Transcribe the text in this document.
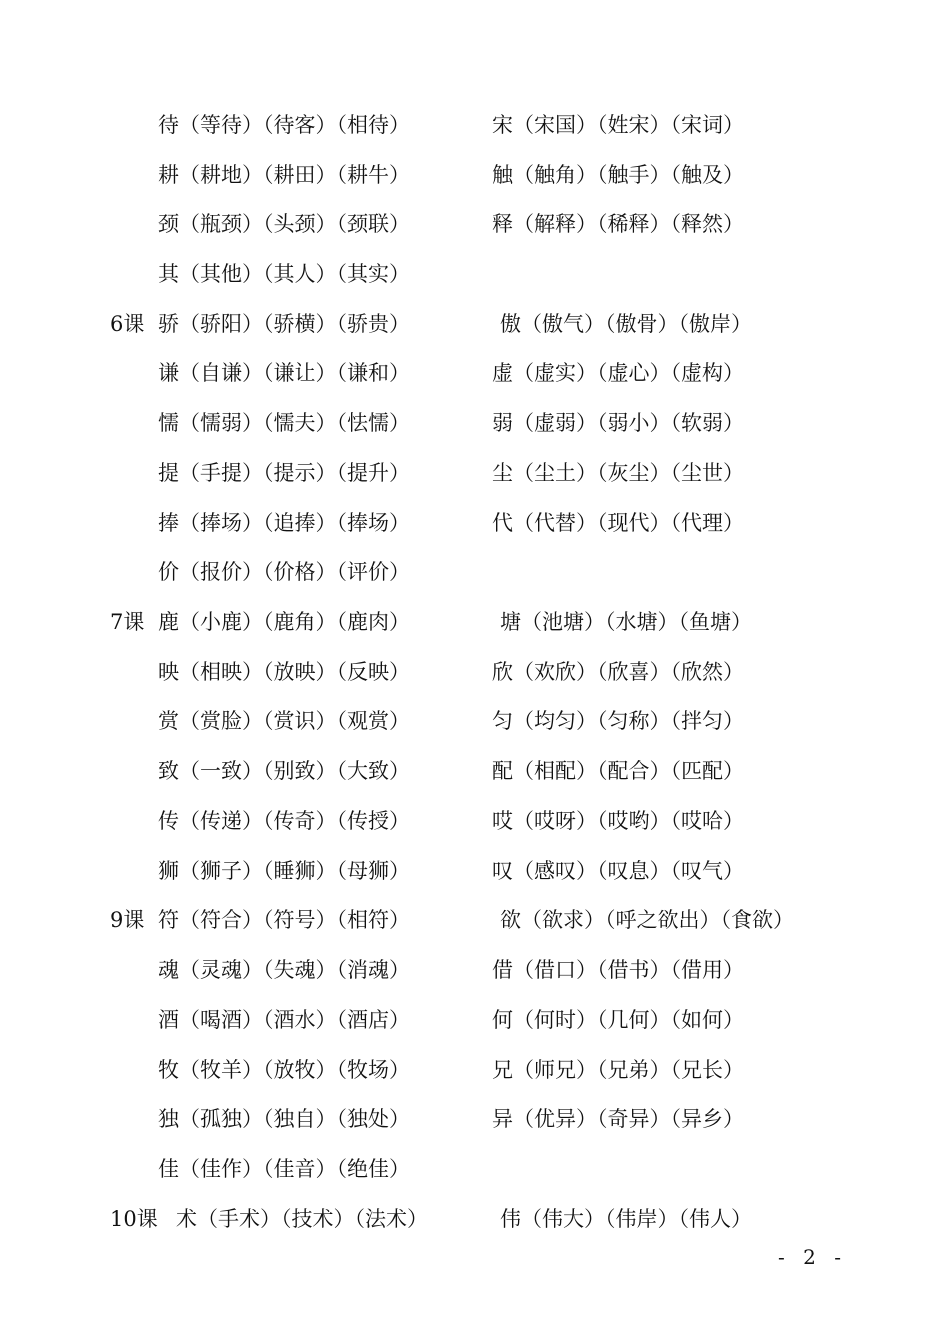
待（等待）（待客）（相待）	宋（宋国）（姓宋）（宋词）
耕（耕地）（耕田）（耕牛）	触（触角）（触手）（触及）
颈（瓶颈）（头颈）（颈联）	释（解释）（稀释）（释然）
其（其他）（其人）（其实）
6课 骄（骄阳）（骄横）（骄贵）	傲（傲气）（傲骨）（傲岸）
谦（自谦）（谦让）（谦和）	虚（虚实）（虚心）（虚构）
懦（懦弱）（懦夫）（怯懦）	弱（虚弱）（弱小）（软弱）
提（手提）（提示）（提升）	尘（尘土）（灰尘）（尘世）
捧（捧场）（追捧）（捧场）	代（代替）（现代）（代理）
价（报价）（价格）（评价）
7课 鹿（小鹿）（鹿角）（鹿肉）	塘（池塘）（水塘）（鱼塘）
映（相映）（放映）（反映）	欣（欢欣）（欣喜）（欣然）
赏（赏脸）（赏识）（观赏）	匀（均匀）（匀称）（拌匀）
致（一致）（别致）（大致）	配（相配）（配合）（匹配）
传（传递）（传奇）（传授）	哎（哎呀）（哎哟）（哎哈）
狮（狮子）（睡狮）（母狮）	叹（感叹）（叹息）（叹气）
9课 符（符合）（符号）（相符）	欲（欲求）（呼之欲出）（食欲）
魂（灵魂）（失魂）（消魂）	借（借口）（借书）（借用）
酒（喝酒）（酒水）（酒店）	何（何时）（几何）（如何）
牧（牧羊）（放牧）（牧场）	兄（师兄）（兄弟）（兄长）
独（孤独）（独自）（独处）	异（优异）（奇异）（异乡）
佳（佳作）（佳音）（绝佳）
10课 术（手术）（技术）（法术）	伟（伟大）（伟岸）（伟人）
- 2 -
